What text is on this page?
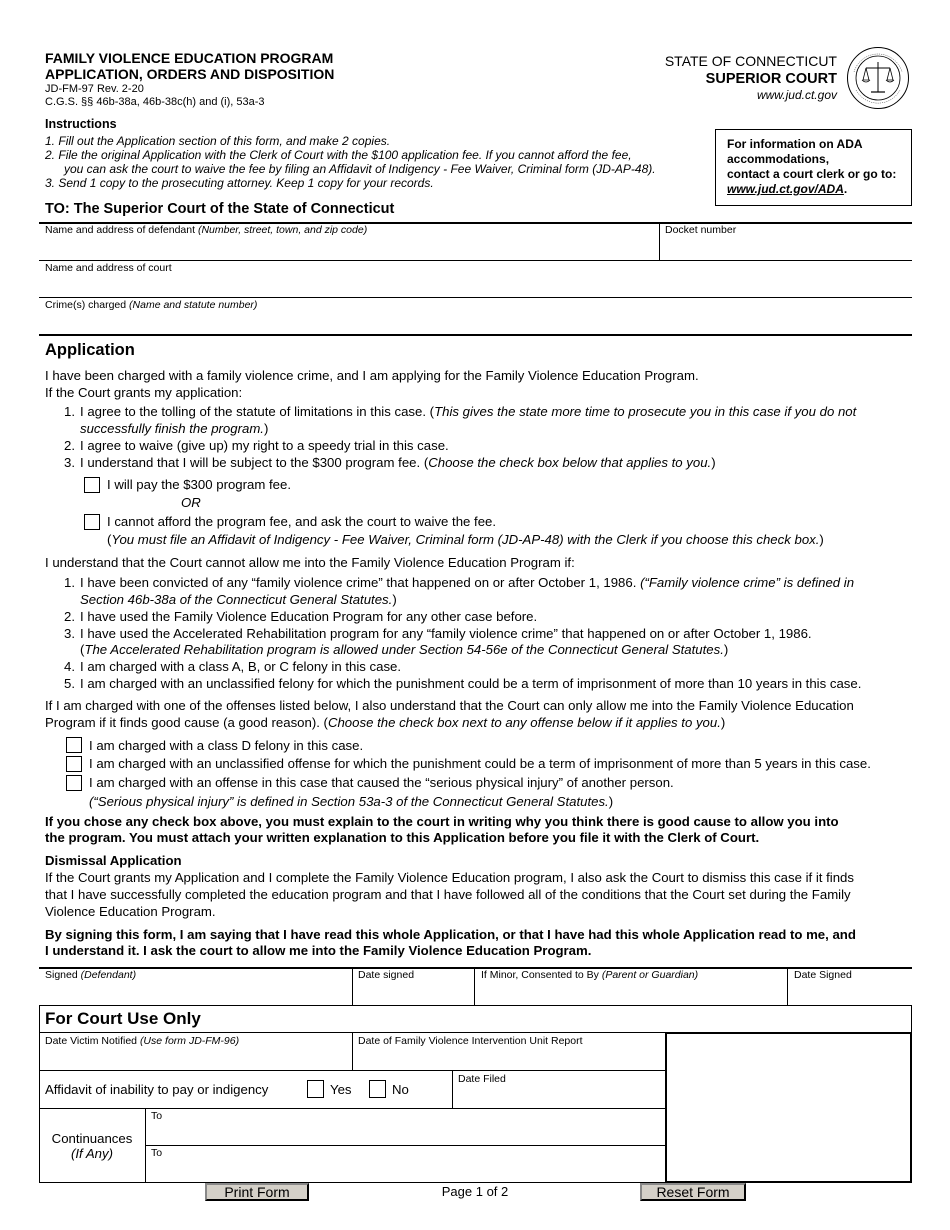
FAMILY VIOLENCE EDUCATION PROGRAM
APPLICATION, ORDERS AND DISPOSITION
JD-FM-97 Rev. 2-20
C.G.S. §§ 46b-38a, 46b-38c(h) and (i), 53a-3
STATE OF CONNECTICUT
SUPERIOR COURT
www.jud.ct.gov
Instructions
1. Fill out the Application section of this form, and make 2 copies.
2. File the original Application with the Clerk of Court with the $100 application fee. If you cannot afford the fee,
you can ask the court to waive the fee by filing an Affidavit of Indigency - Fee Waiver, Criminal form (JD-AP-48).
3. Send 1 copy to the prosecuting attorney. Keep 1 copy for your records.
For information on ADA
accommodations,
contact a court clerk or go to:
www.jud.ct.gov/ADA.
TO: The Superior Court of the State of Connecticut
Name and address of defendant (Number, street, town, and zip code)	Docket number
Name and address of court
Crime(s) charged (Name and statute number)
Application
I have been charged with a family violence crime, and I am applying for the Family Violence Education Program.
If the Court grants my application:
1. I agree to the tolling of the statute of limitations in this case. (This gives the state more time to prosecute you in this case if you do not
successfully finish the program.)
2. I agree to waive (give up) my right to a speedy trial in this case.
3. I understand that I will be subject to the $300 program fee. (Choose the check box below that applies to you.)
I will pay the $300 program fee.
OR
I cannot afford the program fee, and ask the court to waive the fee.
(You must file an Affidavit of Indigency - Fee Waiver, Criminal form (JD-AP-48) with the Clerk if you choose this check box.)
I understand that the Court cannot allow me into the Family Violence Education Program if:
1. I have been convicted of any “family violence crime” that happened on or after October 1, 1986. (“Family violence crime” is defined in
Section 46b-38a of the Connecticut General Statutes.)
2. I have used the Family Violence Education Program for any other case before.
3. I have used the Accelerated Rehabilitation program for any “family violence crime” that happened on or after October 1, 1986.
(The Accelerated Rehabilitation program is allowed under Section 54-56e of the Connecticut General Statutes.)
4. I am charged with a class A, B, or C felony in this case.
5. I am charged with an unclassified felony for which the punishment could be a term of imprisonment of more than 10 years in this case.
If I am charged with one of the offenses listed below, I also understand that the Court can only allow me into the Family Violence Education
Program if it finds good cause (a good reason). (Choose the check box next to any offense below if it applies to you.)
I am charged with a class D felony in this case.
I am charged with an unclassified offense for which the punishment could be a term of imprisonment of more than 5 years in this case.
I am charged with an offense in this case that caused the “serious physical injury” of another person.
(“Serious physical injury” is defined in Section 53a-3 of the Connecticut General Statutes.)
If you chose any check box above, you must explain to the court in writing why you think there is good cause to allow you into
the program. You must attach your written explanation to this Application before you file it with the Clerk of Court.
Dismissal Application
If the Court grants my Application and I complete the Family Violence Education program, I also ask the Court to dismiss this case if it finds
that I have successfully completed the education program and that I have followed all of the conditions that the Court set during the Family
Violence Education Program.
By signing this form, I am saying that I have read this whole Application, or that I have had this whole Application read to me, and
I understand it. I ask the court to allow me into the Family Violence Education Program.
Signed (Defendant)	Date signed	If Minor, Consented to By (Parent or Guardian)	Date Signed
For Court Use Only
Date Victim Notified (Use form JD-FM-96)	Date of Family Violence Intervention Unit Report
Affidavit of inability to pay or indigency	Yes	No
Date Filed
Continuances
(If Any)
To
To
Print Form	Page 1 of 2	Reset Form
